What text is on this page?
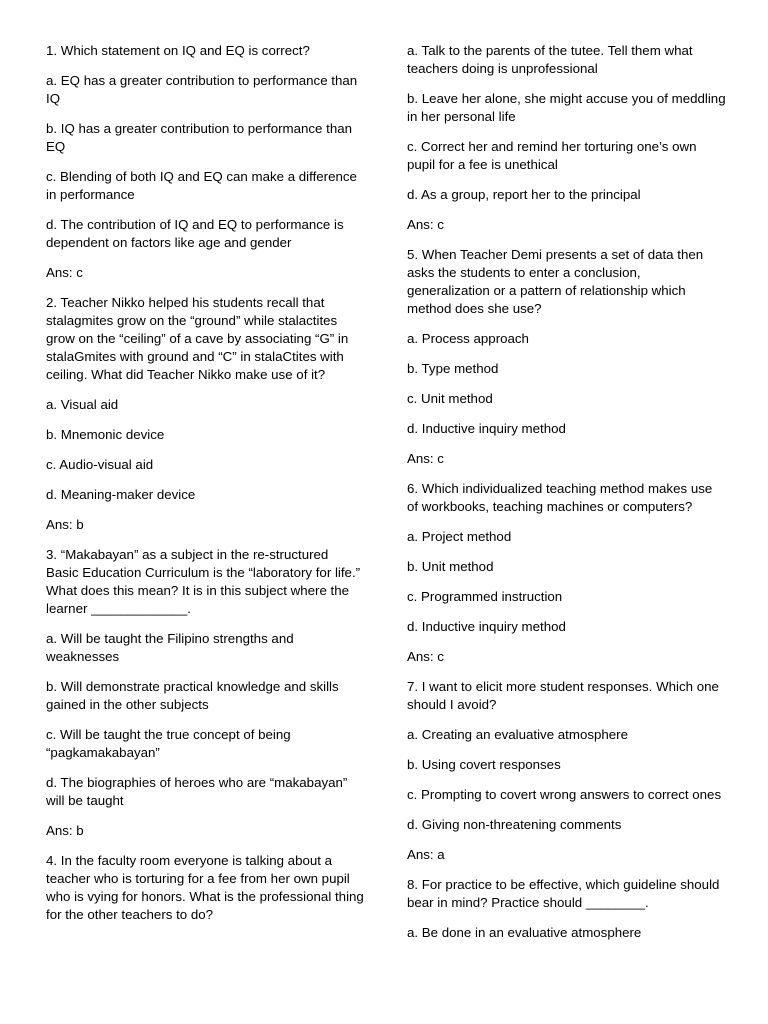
1. Which statement on IQ and EQ is correct?

a. EQ has a greater contribution to performance than IQ

b. IQ has a greater contribution to performance than EQ

c. Blending of both IQ and EQ can make a difference in performance

d. The contribution of IQ and EQ to performance is dependent on factors like age and gender

Ans: c

2. Teacher Nikko helped his students recall that stalagmites grow on the “ground” while stalactites grow on the “ceiling” of a cave by associating “G” in stalaGmites with ground and “C” in stalaCtites with ceiling. What did Teacher Nikko make use of it?

a. Visual aid

b. Mnemonic device

c. Audio-visual aid

d. Meaning-maker device

Ans: b

3. “Makabayan” as a subject in the re-structured Basic Education Curriculum is the “laboratory for life.” What does this mean? It is in this subject where the learner _____________.

a. Will be taught the Filipino strengths and weaknesses

b. Will demonstrate practical knowledge and skills gained in the other subjects

c. Will be taught the true concept of being “pagkamakabayan”

d. The biographies of heroes who are “makabayan” will be taught

Ans: b

4. In the faculty room everyone is talking about a teacher who is torturing for a fee from her own pupil who is vying for honors. What is the professional thing for the other teachers to do?

a. Talk to the parents of the tutee. Tell them what teachers doing is unprofessional

b. Leave her alone, she might accuse you of meddling in her personal life

c. Correct her and remind her torturing one’s own pupil for a fee is unethical

d. As a group, report her to the principal

Ans: c

5. When Teacher Demi presents a set of data then asks the students to enter a conclusion, generalization or a pattern of relationship which method does she use?

a. Process approach

b. Type method

c. Unit method

d. Inductive inquiry method

Ans: c

6. Which individualized teaching method makes use of workbooks, teaching machines or computers?

a. Project method

b. Unit method

c. Programmed instruction

d. Inductive inquiry method

Ans: c

7. I want to elicit more student responses. Which one should I avoid?

a. Creating an evaluative atmosphere

b. Using covert responses

c. Prompting to covert wrong answers to correct ones

d. Giving non-threatening comments

Ans: a

8. For practice to be effective, which guideline should bear in mind? Practice should ________.

a. Be done in an evaluative atmosphere
